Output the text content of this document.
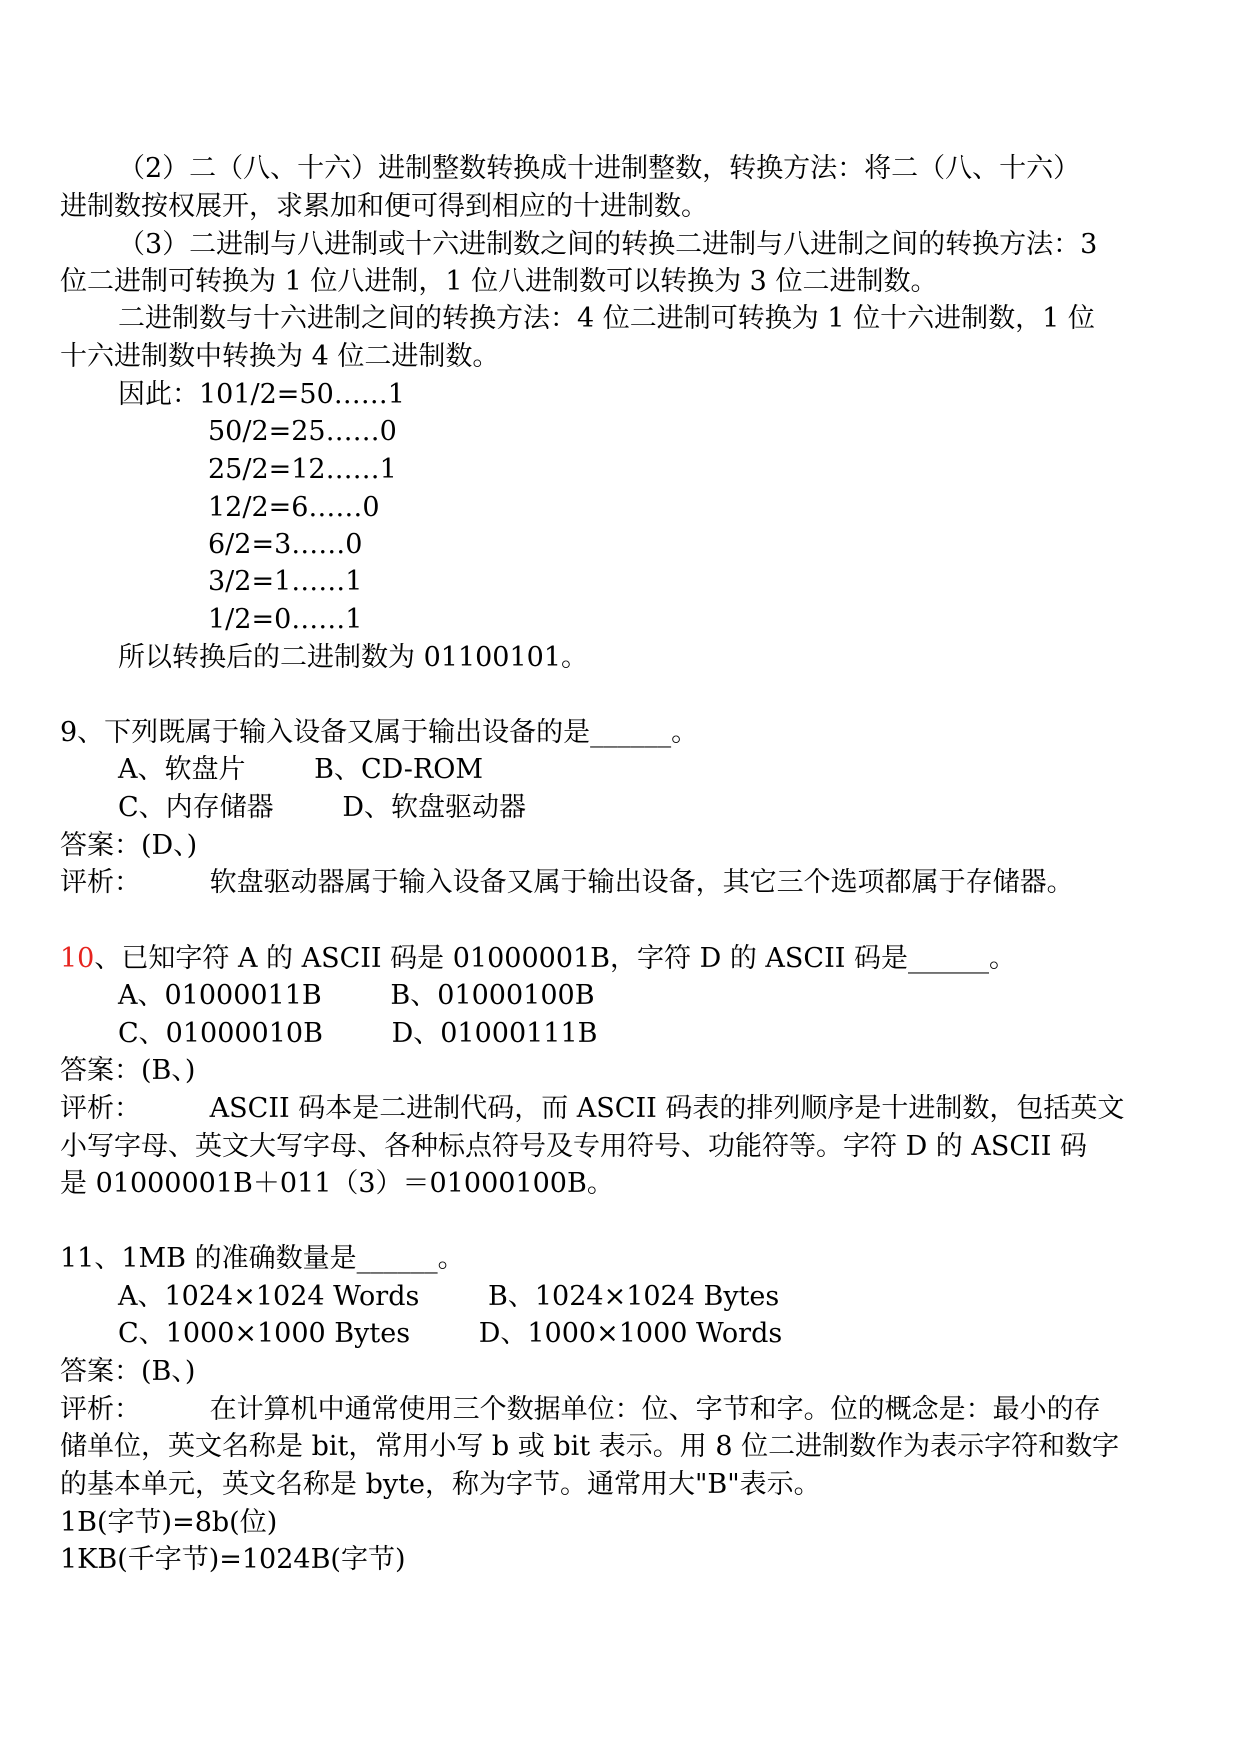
（2）二（八、十六）进制整数转换成十进制整数，转换方法：将二（八、十六）
进制数按权展开，求累加和便可得到相应的十进制数。
（3）二进制与八进制或十六进制数之间的转换二进制与八进制之间的转换方法：3
位二进制可转换为 1 位八进制，1 位八进制数可以转换为 3 位二进制数。
二进制数与十六进制之间的转换方法：4 位二进制可转换为 1 位十六进制数，1 位
十六进制数中转换为 4 位二进制数。
因此：101/2=50……1
50/2=25……0
25/2=12……1
12/2=6……0
6/2=3……0
3/2=1……1
1/2=0……1
所以转换后的二进制数为 01100101。
9、下列既属于输入设备又属于输出设备的是______。
A、软盘片        B、CD-ROM
C、内存储器        D、软盘驱动器
答案：(D、)
评析：        软盘驱动器属于输入设备又属于输出设备，其它三个选项都属于存储器。
10、已知字符 A 的 ASCII 码是 01000001B，字符 D 的 ASCII 码是______。
A、01000011B        B、01000100B
C、01000010B        D、01000111B
答案：(B、)
评析：        ASCII 码本是二进制代码，而 ASCII 码表的排列顺序是十进制数，包括英文
小写字母、英文大写字母、各种标点符号及专用符号、功能符等。字符 D 的 ASCII 码
是 01000001B＋011（3）＝01000100B。
11、1MB 的准确数量是______。
A、1024×1024 Words        B、1024×1024 Bytes
C、1000×1000 Bytes        D、1000×1000 Words
答案：(B、)
评析：        在计算机中通常使用三个数据单位：位、字节和字。位的概念是：最小的存
储单位，英文名称是 bit，常用小写 b 或 bit 表示。用 8 位二进制数作为表示字符和数字
的基本单元，英文名称是 byte，称为字节。通常用大"B"表示。
1B(字节)=8b(位)
1KB(千字节)=1024B(字节)
